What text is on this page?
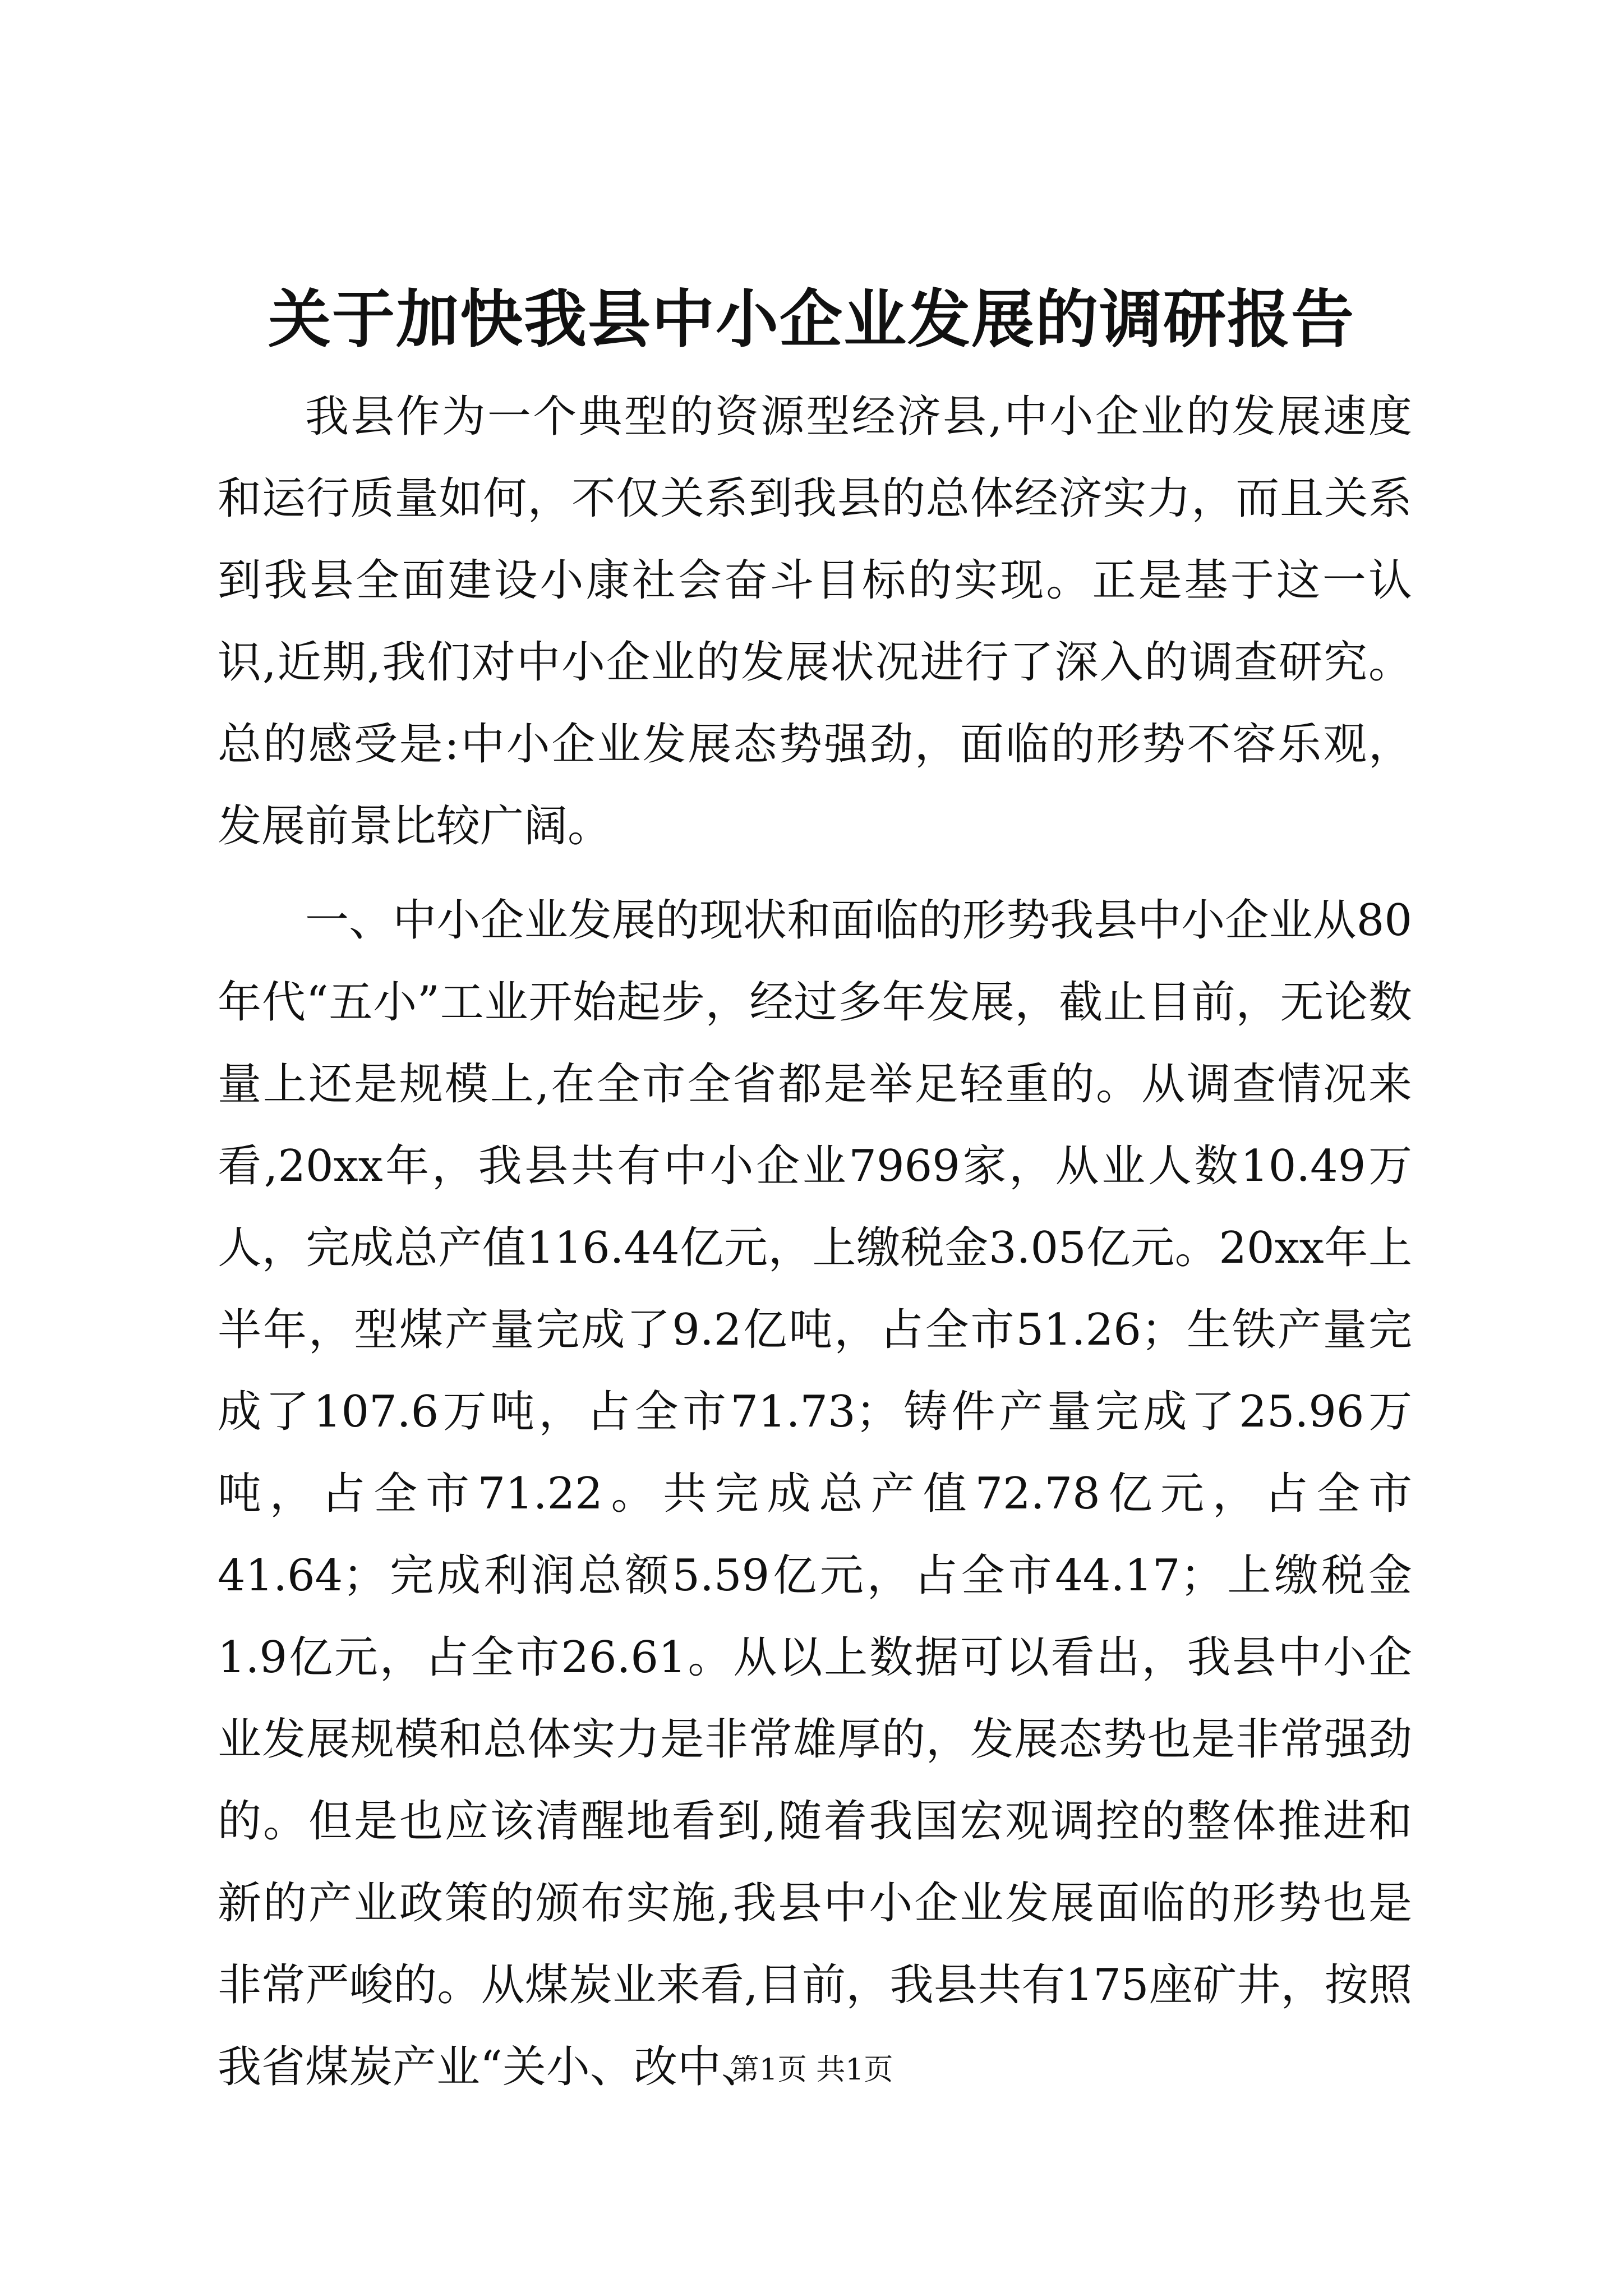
关于加快我县中小企业发展的调研报告

我县作为一个典型的资源型经济县,中小企业的发展速度和运行质量如何，不仅关系到我县的总体经济实力，而且关系到我县全面建设小康社会奋斗目标的实现。正是基于这一认识,近期,我们对中小企业的发展状况进行了深入的调查研究。总的感受是:中小企业发展态势强劲，面临的形势不容乐观，发展前景比较广阔。

一、中小企业发展的现状和面临的形势我县中小企业从80年代“五小”工业开始起步，经过多年发展，截止目前，无论数量上还是规模上,在全市全省都是举足轻重的。从调查情况来看,20xx年，我县共有中小企业7969家，从业人数10.49万人，完成总产值116.44亿元，上缴税金3.05亿元。20xx年上半年，型煤产量完成了9.2亿吨，占全市51.26；生铁产量完成了107.6万吨，占全市71.73；铸件产量完成了25.96万吨，占全市71.22。共完成总产值72.78亿元，占全市41.64；完成利润总额5.59亿元，占全市44.17；上缴税金1.9亿元，占全市26.61。从以上数据可以看出，我县中小企业发展规模和总体实力是非常雄厚的，发展态势也是非常强劲的。但是也应该清醒地看到,随着我国宏观调控的整体推进和新的产业政策的颁布实施,我县中小企业发展面临的形势也是非常严峻的。从煤炭业来看,目前，我县共有175座矿井，按照我省煤炭产业“关小、改中、

第1页 共1页
